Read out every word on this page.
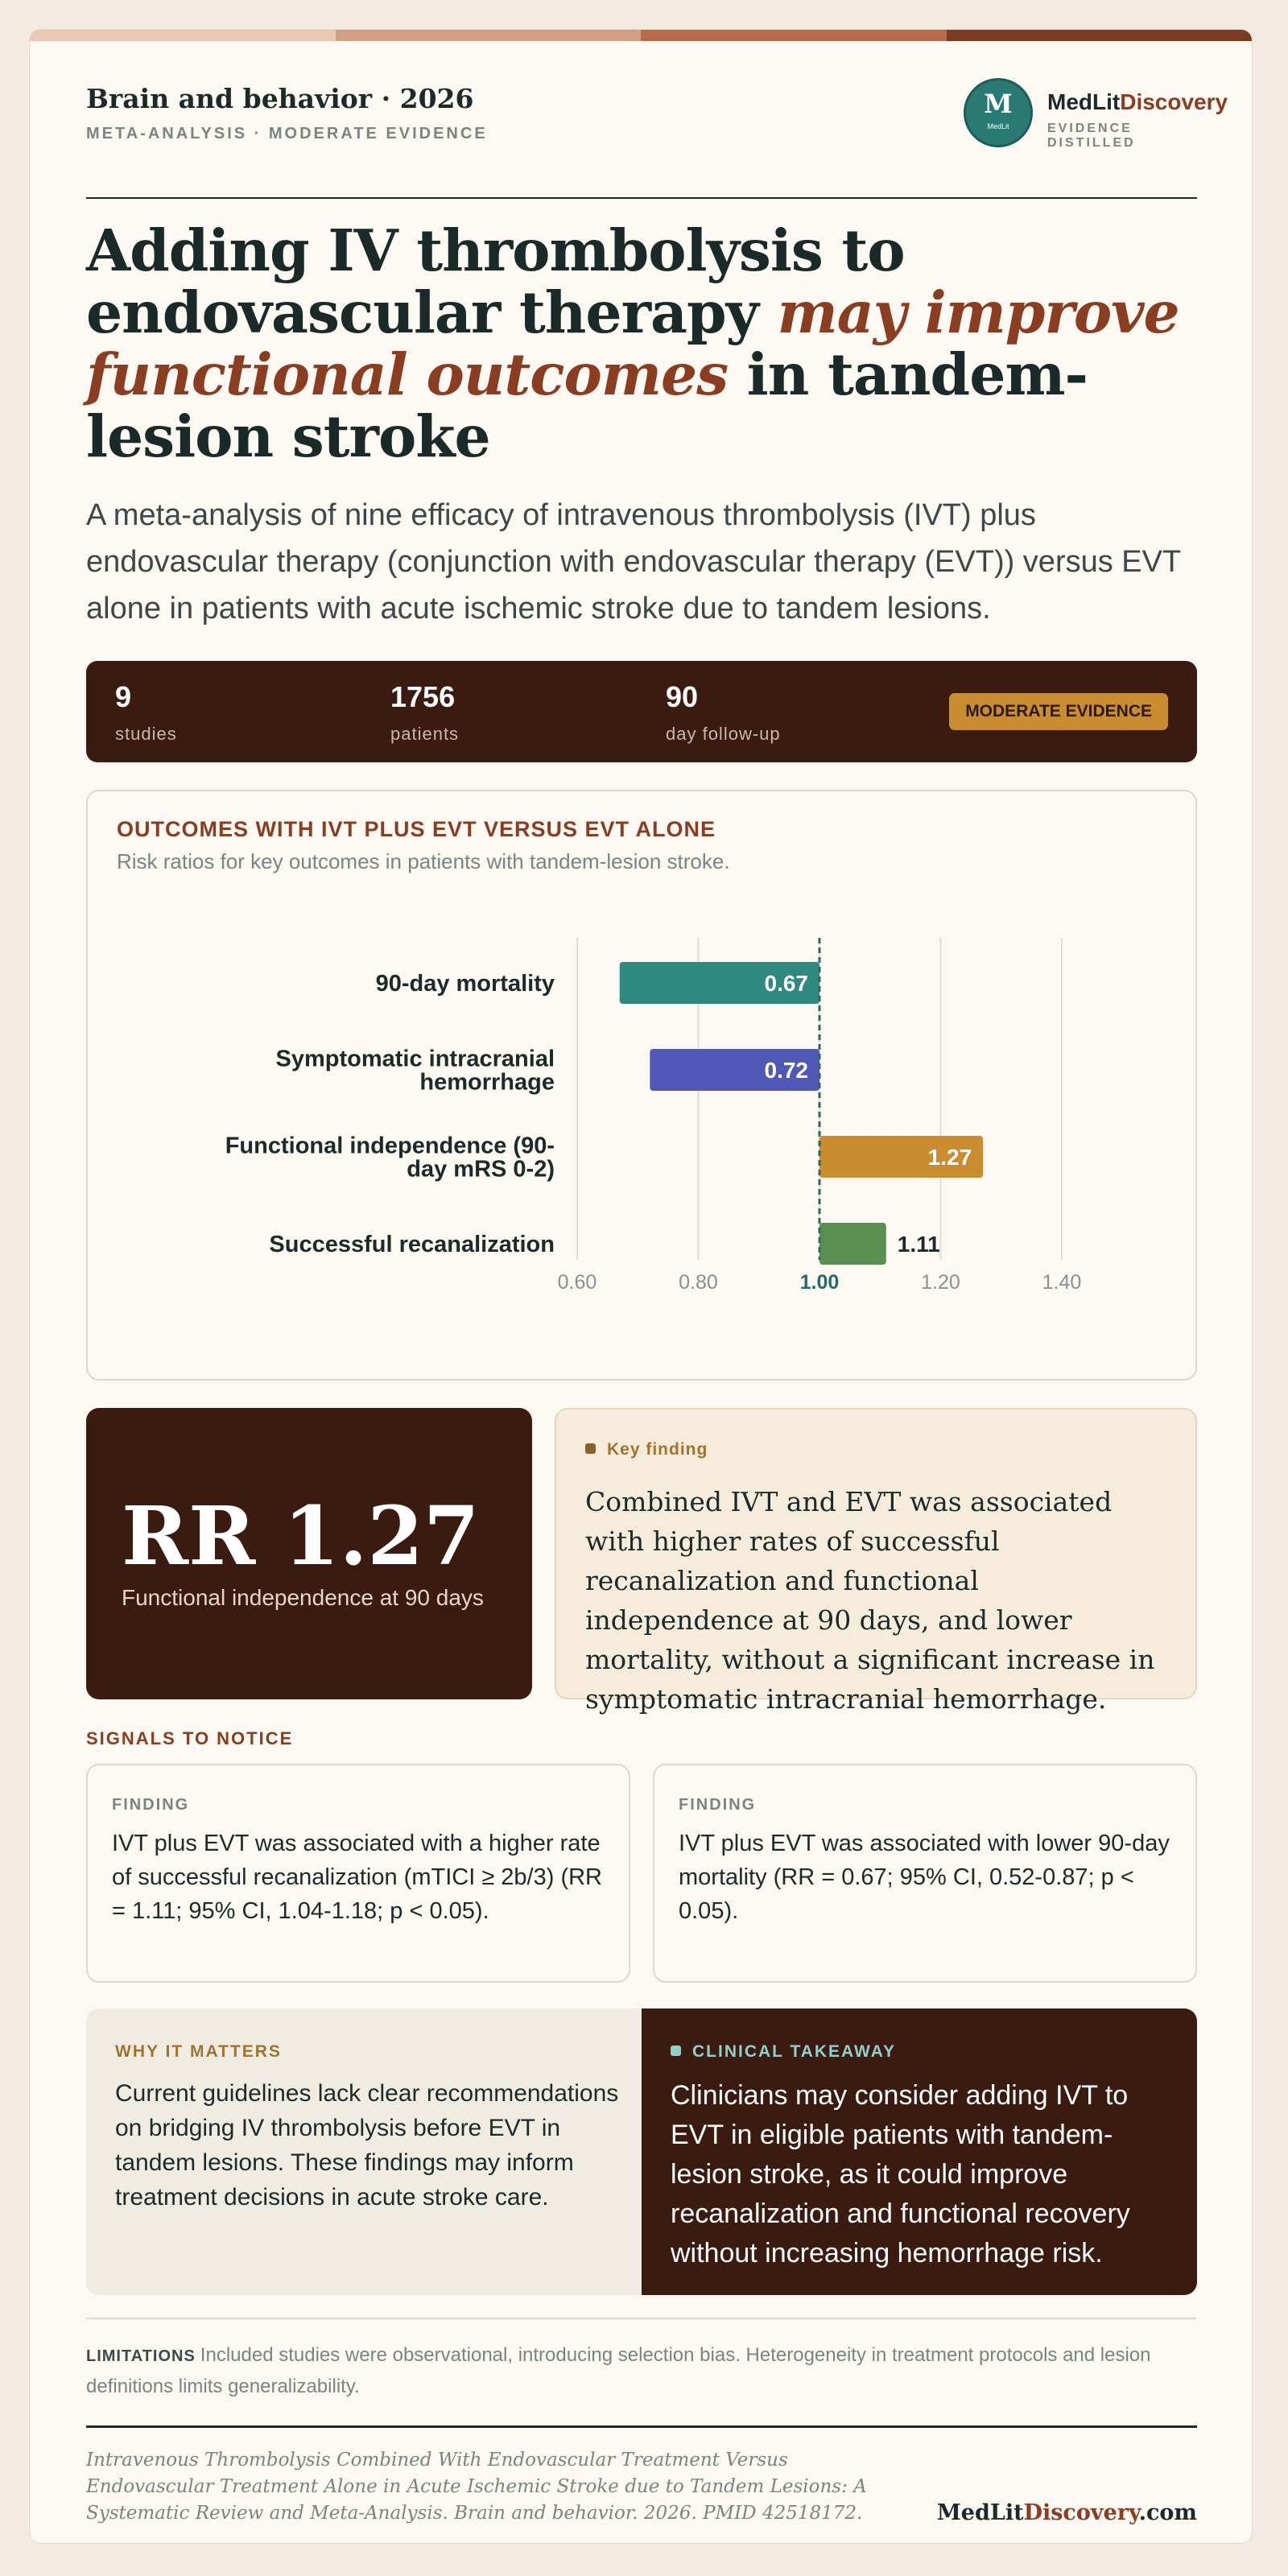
Brain and behavior · 2026
META-ANALYSIS · MODERATE EVIDENCE
M
MedLit
MedLitDiscovery
EVIDENCE DISTILLED
Adding IV thrombolysis to endovascular therapy may improve functional outcomes in tandem-lesion stroke

A meta-analysis of nine efficacy of intravenous thrombolysis (IVT) plus endovascular therapy (conjunction with endovascular therapy (EVT)) versus EVT alone in patients with acute ischemic stroke due to tandem lesions.

9
studies
1756
patients
90
day follow-up
MODERATE EVIDENCE
OUTCOMES WITH IVT PLUS EVT VERSUS EVT ALONE
Risk ratios for key outcomes in patients with tandem-lesion stroke.
0.60	0.80	1.00	1.20	1.40
0.67
90-day mortality
0.72
Symptomatic intracranial
hemorrhage
1.27
Functional independence (90-
day mRS 0-2)
1.11
Successful recanalization
RR 1.27
Functional independence at 90 days
Key finding
Combined IVT and EVT was associated with higher rates of successful recanalization and functional independence at 90 days, and lower mortality, without a significant increase in symptomatic intracranial hemorrhage.
SIGNALS TO NOTICE
FINDING
IVT plus EVT was associated with a higher rate of successful recanalization (mTICI ≥ 2b/3) (RR = 1.11; 95% CI, 1.04-1.18; p < 0.05).
FINDING
IVT plus EVT was associated with lower 90-day mortality (RR = 0.67; 95% CI, 0.52-0.87; p < 0.05).
WHY IT MATTERS
Current guidelines lack clear recommendations on bridging IV thrombolysis before EVT in tandem lesions. These findings may inform treatment decisions in acute stroke care.
CLINICAL TAKEAWAY
Clinicians may consider adding IVT to EVT in eligible patients with tandem-lesion stroke, as it could improve recanalization and functional recovery without increasing hemorrhage risk.
LIMITATIONS Included studies were observational, introducing selection bias. Heterogeneity in treatment protocols and lesion definitions limits generalizability.
Intravenous Thrombolysis Combined With Endovascular Treatment Versus Endovascular Treatment Alone in Acute Ischemic Stroke due to Tandem Lesions: A Systematic Review and Meta-Analysis. Brain and behavior. 2026. PMID 42518172.	MedLitDiscovery.com
